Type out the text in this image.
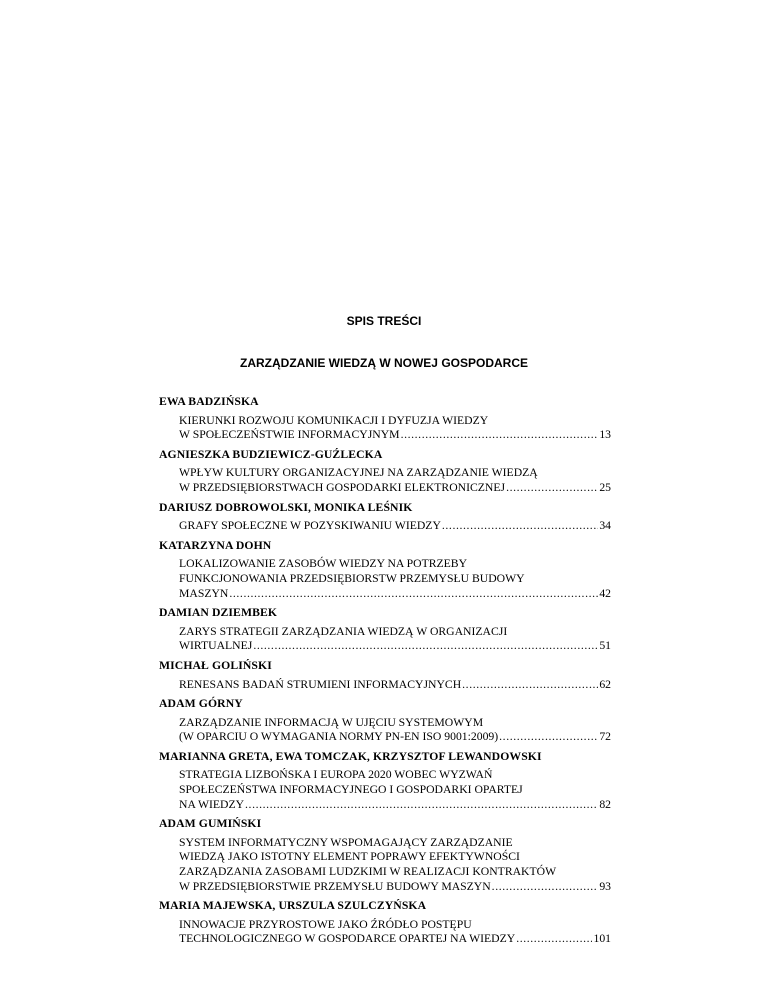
SPIS TREŚCI
ZARZĄDZANIE WIEDZĄ W NOWEJ GOSPODARCE
EWA BADZIŃSKA
KIERUNKI ROZWOJU KOMUNIKACJI I DYFUZJA WIEDZY
W SPOŁECZEŃSTWIE INFORMACYJNYM .....	13
AGNIESZKA BUDZIEWICZ-GUŹLECKA
WPŁYW KULTURY ORGANIZACYJNEJ NA ZARZĄDZANIE WIEDZĄ
W PRZEDSIĘBIORSTWACH GOSPODARKI ELEKTRONICZNEJ .....	25
DARIUSZ DOBROWOLSKI, MONIKA LEŚNIK
GRAFY SPOŁECZNE W POZYSKIWANIU WIEDZY .....	34
KATARZYNA DOHN
LOKALIZOWANIE ZASOBÓW WIEDZY NA POTRZEBY
FUNKCJONOWANIA PRZEDSIĘBIORSTW PRZEMYSŁU BUDOWY
MASZYN .....	42
DAMIAN DZIEMBEK
ZARYS STRATEGII ZARZĄDZANIA WIEDZĄ W ORGANIZACJI
WIRTUALNEJ .....	51
MICHAŁ GOLIŃSKI
RENESANS BADAŃ STRUMIENI INFORMACYJNYCH .....	62
ADAM GÓRNY
ZARZĄDZANIE INFORMACJĄ W UJĘCIU SYSTEMOWYM
(W OPARCIU O WYMAGANIA NORMY PN-EN ISO 9001:2009) .....	72
MARIANNA GRETA, EWA TOMCZAK, KRZYSZTOF LEWANDOWSKI
STRATEGIA LIZBOŃSKA I EUROPA 2020 WOBEC WYZWAŃ
SPOŁECZEŃSTWA INFORMACYJNEGO I GOSPODARKI OPARTEJ
NA WIEDZY .....	82
ADAM GUMIŃSKI
SYSTEM INFORMATYCZNY WSPOMAGAJĄCY ZARZĄDZANIE
WIEDZĄ JAKO ISTOTNY ELEMENT POPRAWY EFEKTYWNOŚCI
ZARZĄDZANIA ZASOBAMI LUDZKIMI W REALIZACJI KONTRAKTÓW
W PRZEDSIĘBIORSTWIE PRZEMYSŁU BUDOWY MASZYN .....	93
MARIA MAJEWSKA, URSZULA SZULCZYŃSKA
INNOWACJE PRZYROSTOWE JAKO ŹRÓDŁO POSTĘPU
TECHNOLOGICZNEGO W GOSPODARCE OPARTEJ NA WIEDZY .....	101
